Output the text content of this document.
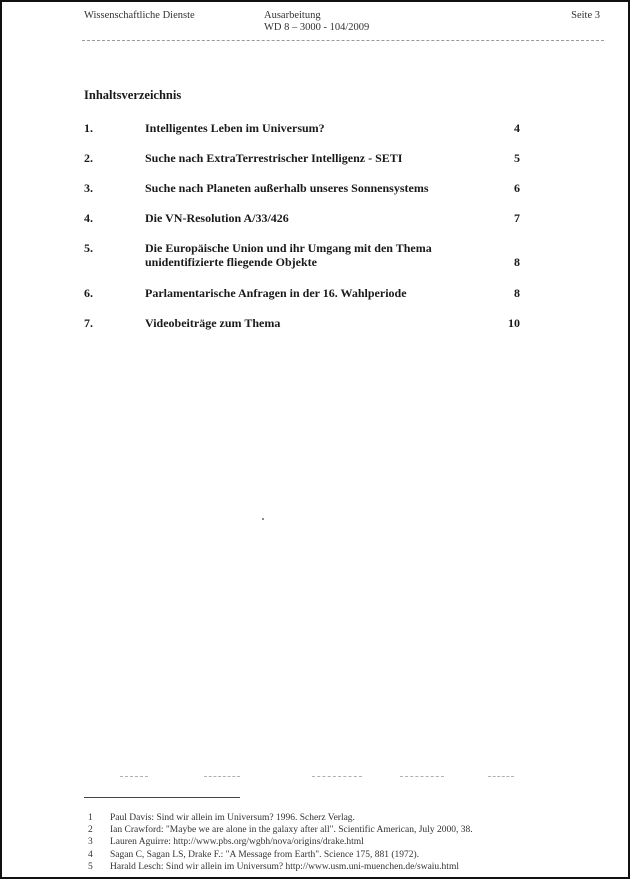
Wissenschaftliche Dienste	Ausarbeitung
WD 8 – 3000 - 104/2009
Seite 3
Inhaltsverzeichnis
1.	Intelligentes Leben im Universum?	4
2.	Suche nach ExtraTerrestrischer Intelligenz - SETI	5
3.	Suche nach Planeten außerhalb unseres Sonnensystems	6
4.	Die VN-Resolution A/33/426	7
5.	Die Europäische Union und ihr Umgang mit den Thema
unidentifizierte fliegende Objekte	8
6.	Parlamentarische Anfragen in der 16. Wahlperiode	8
7.	Videobeiträge zum Thema	10
1 Paul Davis: Sind wir allein im Universum? 1996. Scherz Verlag.
2 Ian Crawford: "Maybe we are alone in the galaxy after all". Scientific American, July 2000, 38.
3 Lauren Aguirre: http://www.pbs.org/wgbh/nova/origins/drake.html
4 Sagan C, Sagan LS, Drake F.: "A Message from Earth". Science 175, 881 (1972).
5 Harald Lesch: Sind wir allein im Universum? http://www.usm.uni-muenchen.de/swaiu.html
